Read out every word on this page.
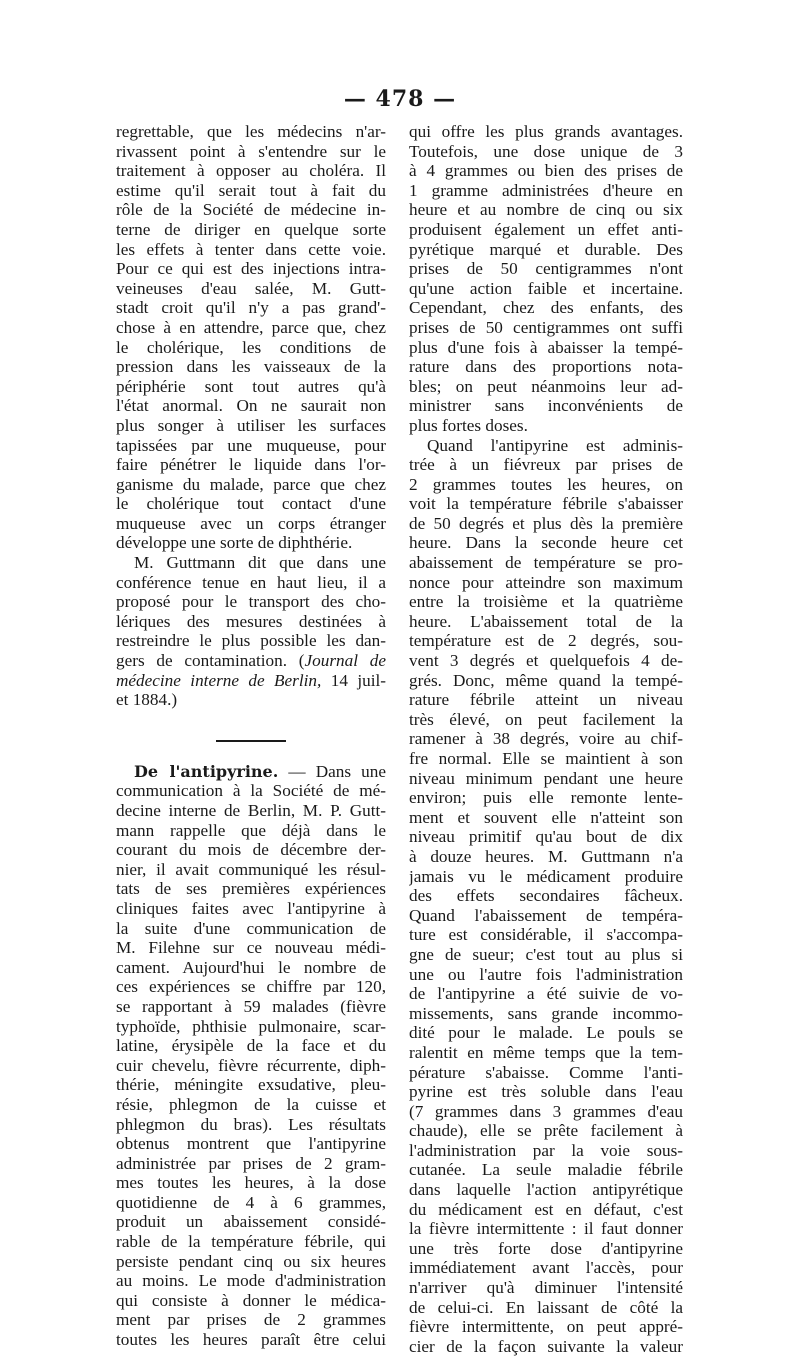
— 478 —
regrettable, que les médecins n'ar-
rivassent point à s'entendre sur le
traitement à opposer au choléra. Il
estime qu'il serait tout à fait du
rôle de la Société de médecine in-
terne de diriger en quelque sorte
les effets à tenter dans cette voie.
Pour ce qui est des injections intra-
veineuses d'eau salée, M. Gutt-
stadt croit qu'il n'y a pas grand'-
chose à en attendre, parce que, chez
le cholérique, les conditions de
pression dans les vaisseaux de la
périphérie sont tout autres qu'à
l'état anormal. On ne saurait non
plus songer à utiliser les surfaces
tapissées par une muqueuse, pour
faire pénétrer le liquide dans l'or-
ganisme du malade, parce que chez
le cholérique tout contact d'une
muqueuse avec un corps étranger
développe une sorte de diphthérie.
M. Guttmann dit que dans une
conférence tenue en haut lieu, il a
proposé pour le transport des cho-
lériques des mesures destinées à
restreindre le plus possible les dan-
gers de contamination. (Journal de
médecine interne de Berlin, 14 juil-
et 1884.)
De l'antipyrine. — Dans une
communication à la Société de mé-
decine interne de Berlin, M. P. Gutt-
mann rappelle que déjà dans le
courant du mois de décembre der-
nier, il avait communiqué les résul-
tats de ses premières expériences
cliniques faites avec l'antipyrine à
la suite d'une communication de
M. Filehne sur ce nouveau médi-
cament. Aujourd'hui le nombre de
ces expériences se chiffre par 120,
se rapportant à 59 malades (fièvre
typhoïde, phthisie pulmonaire, scar-
latine, érysipèle de la face et du
cuir chevelu, fièvre récurrente, diph-
thérie, méningite exsudative, pleu-
résie, phlegmon de la cuisse et
phlegmon du bras). Les résultats
obtenus montrent que l'antipyrine
administrée par prises de 2 gram-
mes toutes les heures, à la dose
quotidienne de 4 à 6 grammes,
produit un abaissement considé-
rable de la température fébrile, qui
persiste pendant cinq ou six heures
au moins. Le mode d'administration
qui consiste à donner le médica-
ment par prises de 2 grammes
toutes les heures paraît être celui
qui offre les plus grands avantages.
Toutefois, une dose unique de 3
à 4 grammes ou bien des prises de
1 gramme administrées d'heure en
heure et au nombre de cinq ou six
produisent également un effet anti-
pyrétique marqué et durable. Des
prises de 50 centigrammes n'ont
qu'une action faible et incertaine.
Cependant, chez des enfants, des
prises de 50 centigrammes ont suffi
plus d'une fois à abaisser la tempé-
rature dans des proportions nota-
bles; on peut néanmoins leur ad-
ministrer sans inconvénients de
plus fortes doses.
Quand l'antipyrine est adminis-
trée à un fiévreux par prises de
2 grammes toutes les heures, on
voit la température fébrile s'abaisser
de 50 degrés et plus dès la première
heure. Dans la seconde heure cet
abaissement de température se pro-
nonce pour atteindre son maximum
entre la troisième et la quatrième
heure. L'abaissement total de la
température est de 2 degrés, sou-
vent 3 degrés et quelquefois 4 de-
grés. Donc, même quand la tempé-
rature fébrile atteint un niveau
très élevé, on peut facilement la
ramener à 38 degrés, voire au chif-
fre normal. Elle se maintient à son
niveau minimum pendant une heure
environ; puis elle remonte lente-
ment et souvent elle n'atteint son
niveau primitif qu'au bout de dix
à douze heures. M. Guttmann n'a
jamais vu le médicament produire
des effets secondaires fâcheux.
Quand l'abaissement de tempéra-
ture est considérable, il s'accompa-
gne de sueur; c'est tout au plus si
une ou l'autre fois l'administration
de l'antipyrine a été suivie de vo-
missements, sans grande incommo-
dité pour le malade. Le pouls se
ralentit en même temps que la tem-
pérature s'abaisse. Comme l'anti-
pyrine est très soluble dans l'eau
(7 grammes dans 3 grammes d'eau
chaude), elle se prête facilement à
l'administration par la voie sous-
cutanée. La seule maladie fébrile
dans laquelle l'action antipyrétique
du médicament est en défaut, c'est
la fièvre intermittente : il faut donner
une très forte dose d'antipyrine
immédiatement avant l'accès, pour
n'arriver qu'à diminuer l'intensité
de celui-ci. En laissant de côté la
fièvre intermittente, on peut appré-
cier de la façon suivante la valeur
